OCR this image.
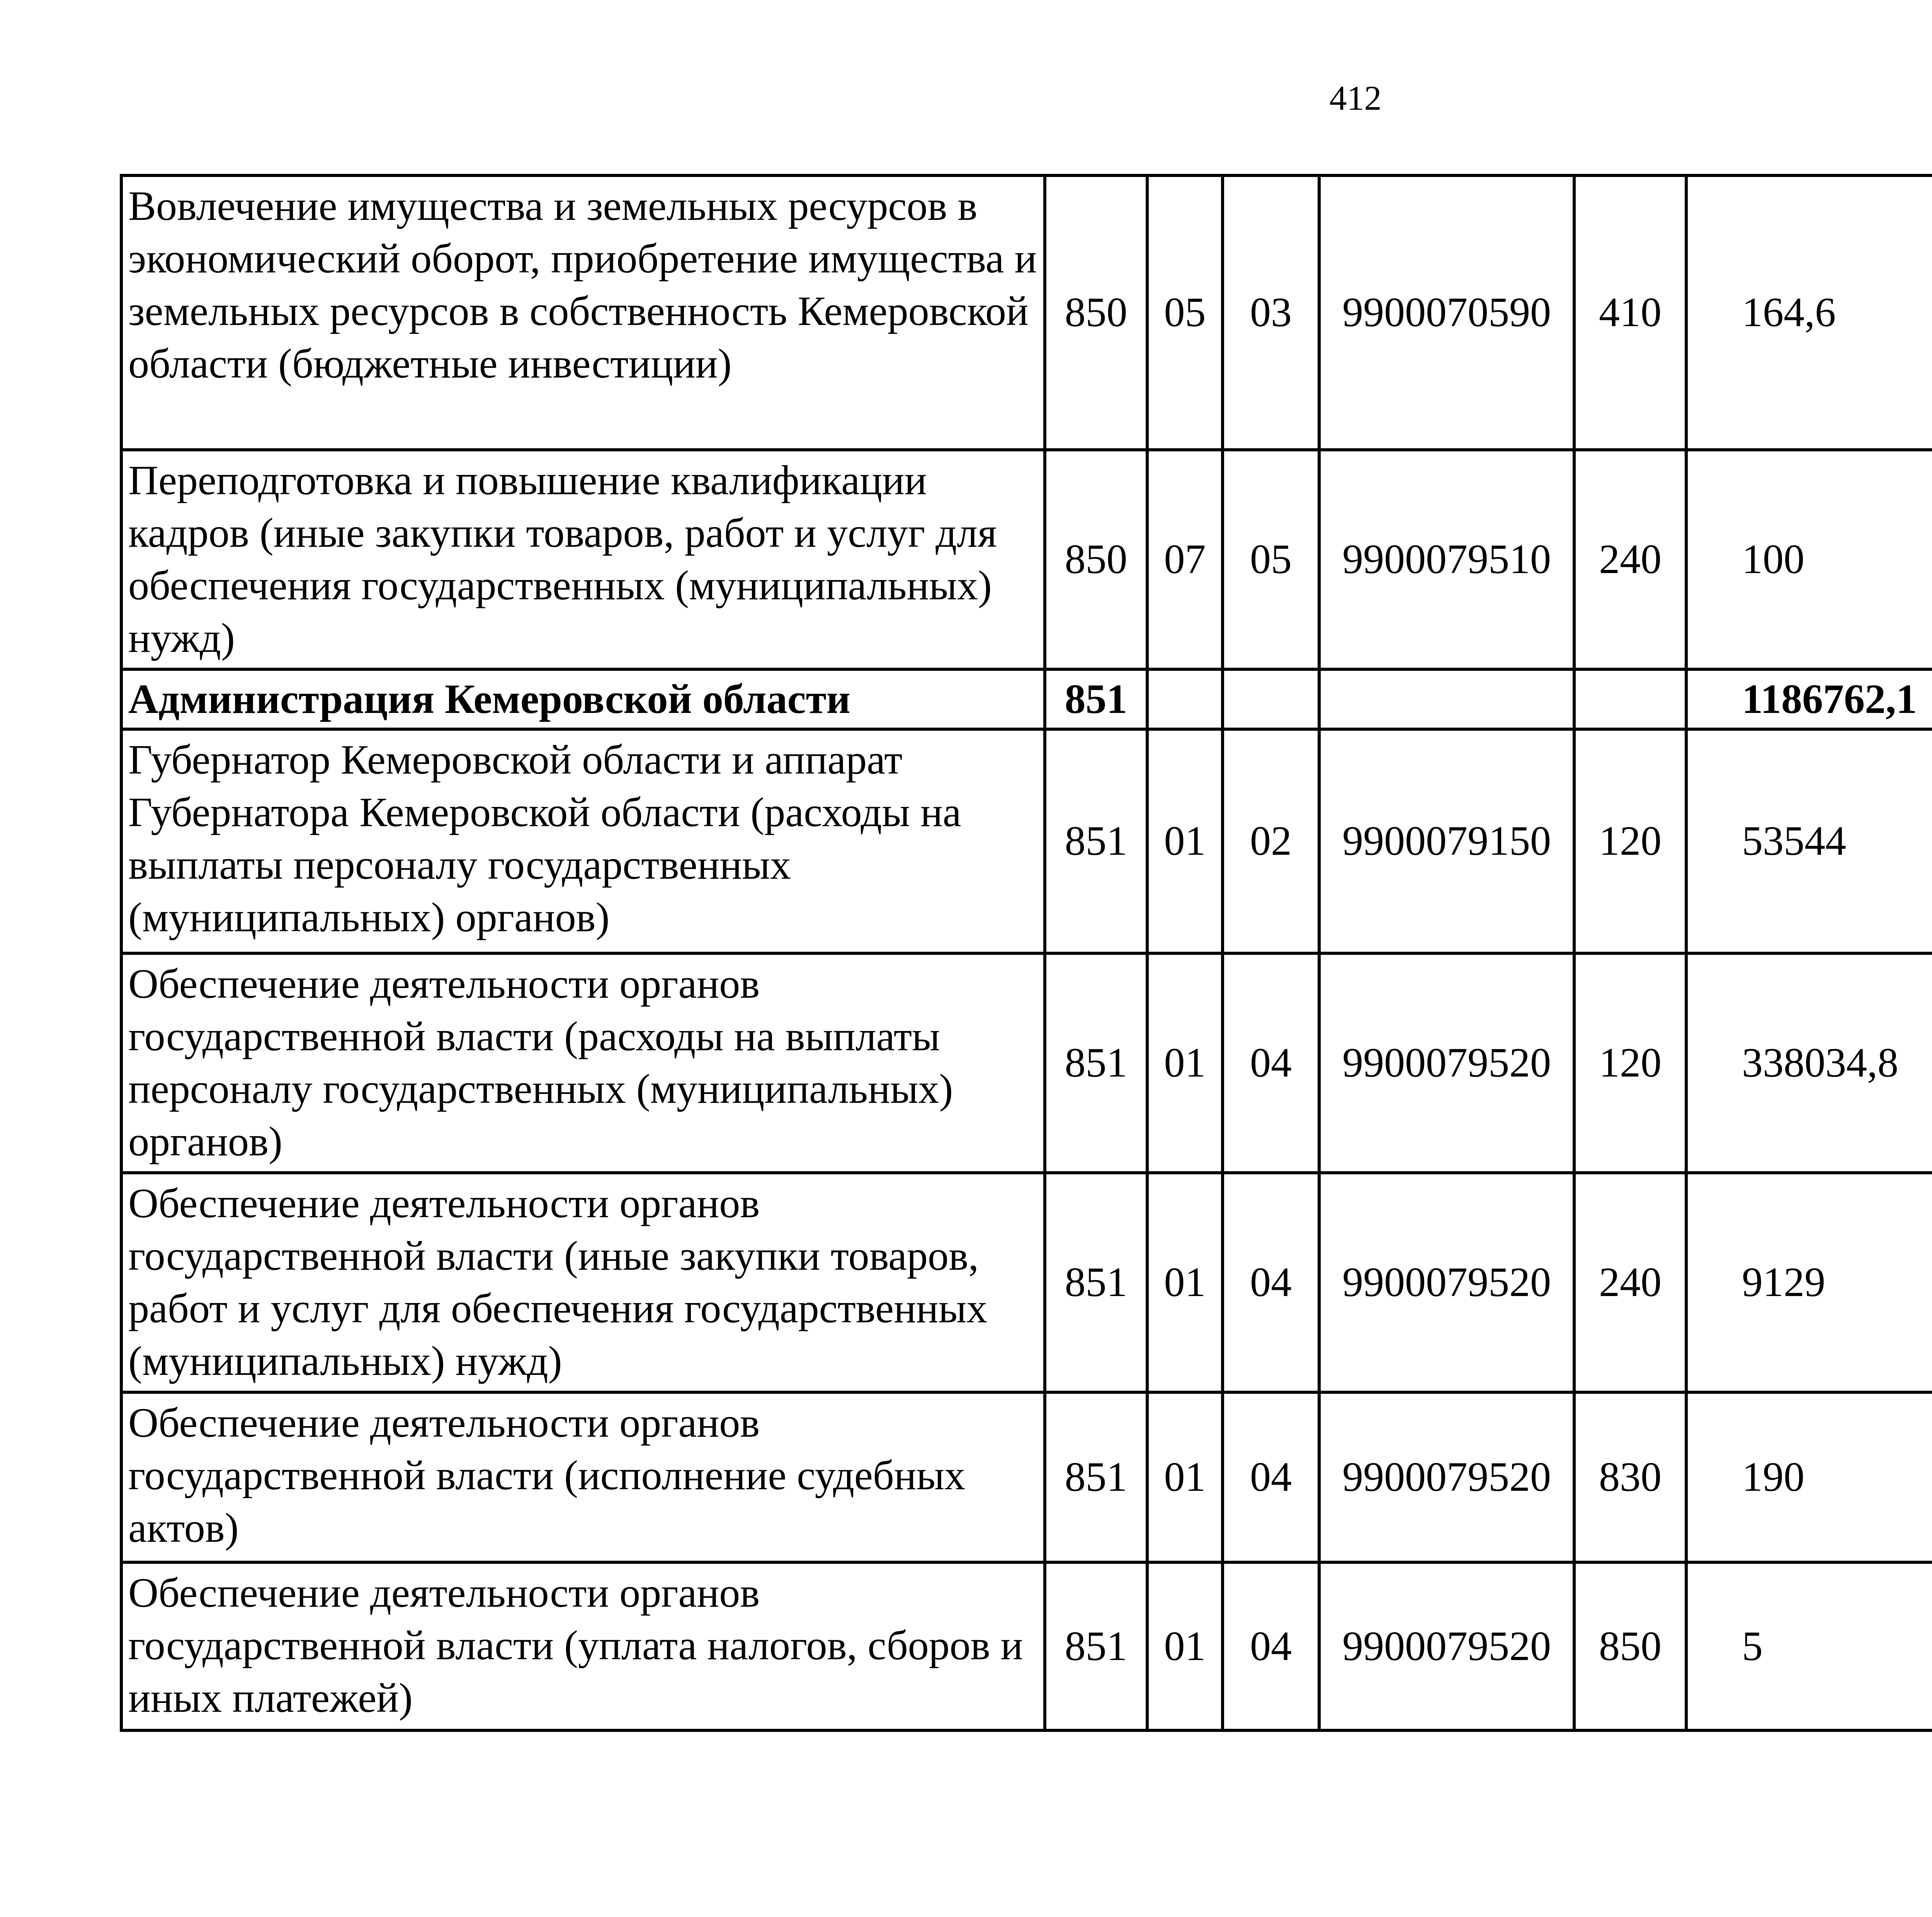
412
Вовлечение имущества и земельных ресурсов в экономический оборот, приобретение имущества и земельных ресурсов в собственность Кемеровской области (бюджетные инвестиции)	850	05	03	9900070590	410	164,6		
Переподготовка и повышение квалификации кадров (иные закупки товаров, работ и услуг для обеспечения государственных (муниципальных) нужд)	850	07	05	9900079510	240	100		
Администрация Кемеровской области	851					1186762,1		
Губернатор Кемеровской области и аппарат Губернатора Кемеровской области (расходы на выплаты персоналу государственных (муниципальных) органов)	851	01	02	9900079150	120	53544		
Обеспечение деятельности органов государственной власти (расходы на выплаты персоналу государственных (муниципальных) органов)	851	01	04	9900079520	120	338034,8		
Обеспечение деятельности органов государственной власти (иные закупки товаров, работ и услуг для обеспечения государственных (муниципальных) нужд)	851	01	04	9900079520	240	9129		
Обеспечение деятельности органов государственной власти (исполнение судебных актов)	851	01	04	9900079520	830	190		
Обеспечение деятельности органов государственной власти (уплата налогов, сборов и иных платежей)	851	01	04	9900079520	850	5		
